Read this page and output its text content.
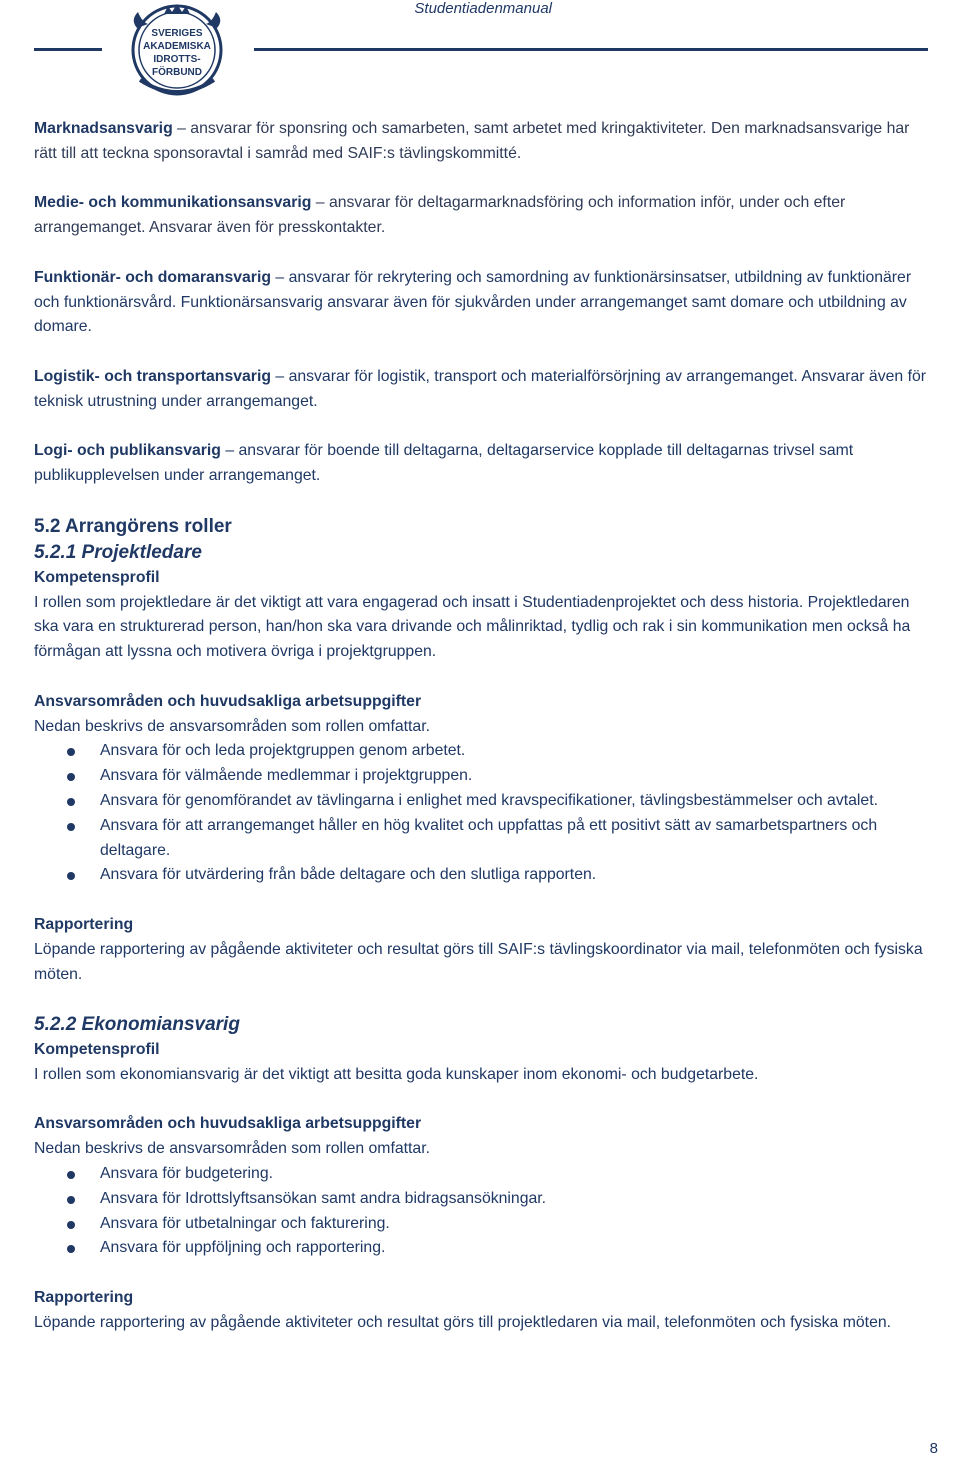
Studentiadenmanual
SVERIGES
AKADEMISKA
IDROTTS-
FÖRBUND

Marknadsansvarig – ansvarar för sponsring och samarbeten, samt arbetet med kringaktiviteter. Den marknadsansvarige har rätt till att teckna sponsoravtal i samråd med SAIF:s tävlingskommitté.

Medie- och kommunikationsansvarig – ansvarar för deltagarmarknadsföring och information inför, under och efter arrangemanget. Ansvarar även för presskontakter.

Funktionär- och domaransvarig – ansvarar för rekrytering och samordning av funktionärsinsatser, utbildning av funktionärer och funktionärsvård. Funktionärsansvarig ansvarar även för sjukvården under arrangemanget samt domare och utbildning av domare.

Logistik- och transportansvarig – ansvarar för logistik, transport och materialförsörjning av arrangemanget. Ansvarar även för teknisk utrustning under arrangemanget.

Logi- och publikansvarig – ansvarar för boende till deltagarna, deltagarservice kopplade till deltagarnas trivsel samt publikupplevelsen under arrangemanget.

5.2 Arrangörens roller
5.2.1 Projektledare

Kompetensprofil

I rollen som projektledare är det viktigt att vara engagerad och insatt i Studentiadenprojektet och dess historia. Projektledaren ska vara en strukturerad person, han/hon ska vara drivande och målinriktad, tydlig och rak i sin kommunikation men också ha förmågan att lyssna och motivera övriga i projektgruppen.

Ansvarsområden och huvudsakliga arbetsuppgifter

Nedan beskrivs de ansvarsområden som rollen omfattar.

Ansvara för och leda projektgruppen genom arbetet.
Ansvara för välmående medlemmar i projektgruppen.
Ansvara för genomförandet av tävlingarna i enlighet med kravspecifikationer, tävlingsbestämmelser och avtalet.
Ansvara för att arrangemanget håller en hög kvalitet och uppfattas på ett positivt sätt av samarbetspartners och deltagare.
Ansvara för utvärdering från både deltagare och den slutliga rapporten.

Rapportering

Löpande rapportering av pågående aktiviteter och resultat görs till SAIF:s tävlingskoordinator via mail, telefonmöten och fysiska möten.

5.2.2 Ekonomiansvarig

Kompetensprofil

I rollen som ekonomiansvarig är det viktigt att besitta goda kunskaper inom ekonomi- och budgetarbete.

Ansvarsområden och huvudsakliga arbetsuppgifter

Nedan beskrivs de ansvarsområden som rollen omfattar.

Ansvara för budgetering.
Ansvara för Idrottslyftsansökan samt andra bidragsansökningar.
Ansvara för utbetalningar och fakturering.
Ansvara för uppföljning och rapportering.

Rapportering

Löpande rapportering av pågående aktiviteter och resultat görs till projektledaren via mail, telefonmöten och fysiska möten.

8
